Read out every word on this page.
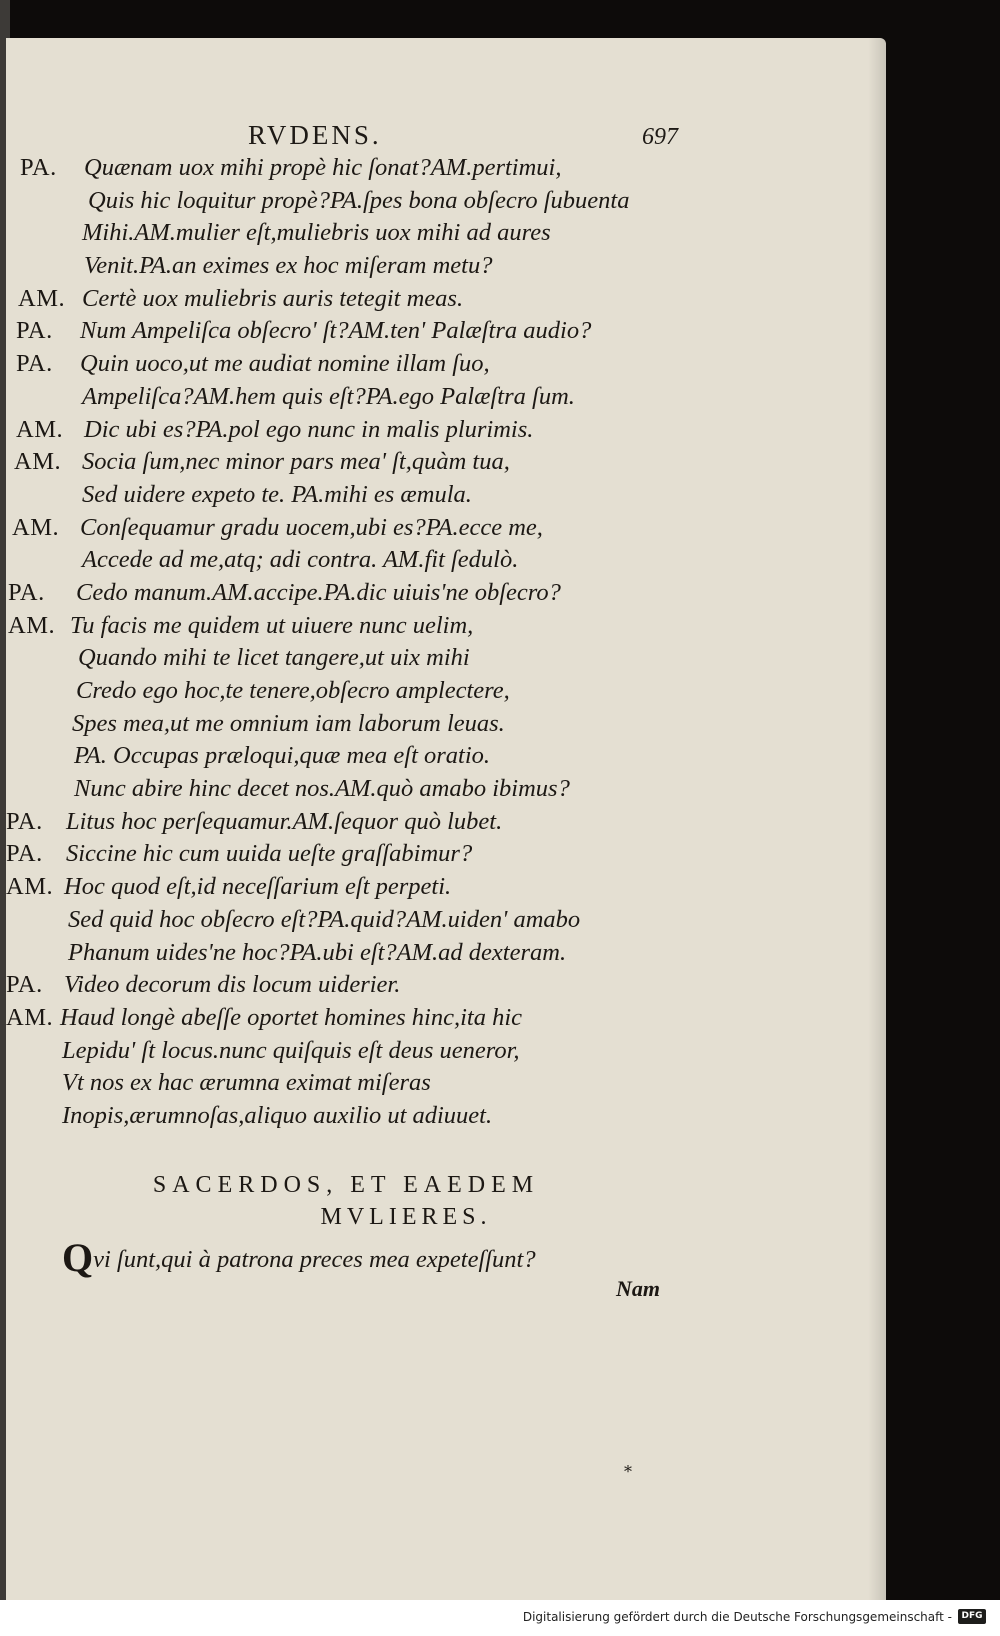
RVDENS.	697
PA. Quænam uox mihi propè hic ſonat?AM.pertimui,
Quis hic loquitur propè?PA.ſpes bona obſecro ſubuenta
Mihi.AM.mulier eſt,muliebris uox mihi ad aures
Venit.PA.an eximes ex hoc miſeram metu?
AM. Certè uox muliebris auris tetegit meas.
PA. Num Ampeliſca obſecro' ſt?AM.ten' Palæſtra audio?
PA. Quin uoco,ut me audiat nomine illam ſuo,
Ampeliſca?AM.hem quis eſt?PA.ego Palæſtra ſum.
AM. Dic ubi es?PA.pol ego nunc in malis plurimis.
AM. Socia ſum,nec minor pars mea' ſt,quàm tua,
Sed uidere expeto te. PA.mihi es æmula.
AM. Conſequamur gradu uocem,ubi es?PA.ecce me,
Accede ad me,atq; adi contra. AM.fit ſedulò.
PA. Cedo manum.AM.accipe.PA.dic uiuis'ne obſecro?
AM. Tu facis me quidem ut uiuere nunc uelim,
Quando mihi te licet tangere,ut uix mihi
Credo ego hoc,te tenere,obſecro amplectere,
Spes mea,ut me omnium iam laborum leuas.
PA. Occupas præloqui,quæ mea eſt oratio.
Nunc abire hinc decet nos.AM.quò amabo ibimus?
PA. Litus hoc perſequamur.AM.ſequor quò lubet.
PA. Siccine hic cum uuida ueſte graſſabimur?
AM. Hoc quod eſt,id neceſſarium eſt perpeti.
Sed quid hoc obſecro eſt?PA.quid?AM.uiden' amabo
Phanum uides'ne hoc?PA.ubi eſt?AM.ad dexteram.
PA. Video decorum dis locum uiderier.
AM. Haud longè abeſſe oportet homines hinc,ita hic
Lepidu' ſt locus.nunc quiſquis eſt deus ueneror,
Vt nos ex hac ærumna eximat miſeras
Inopis,ærumnoſas,aliquo auxilio ut adiuuet.
SACERDOS, ET EAEDEM
MVLIERES.
Qvi ſunt,qui à patrona preces mea expeteſſunt?
Nam
*
Digitalisierung gefördert durch die Deutsche Forschungsgemeinschaft -	DFG
